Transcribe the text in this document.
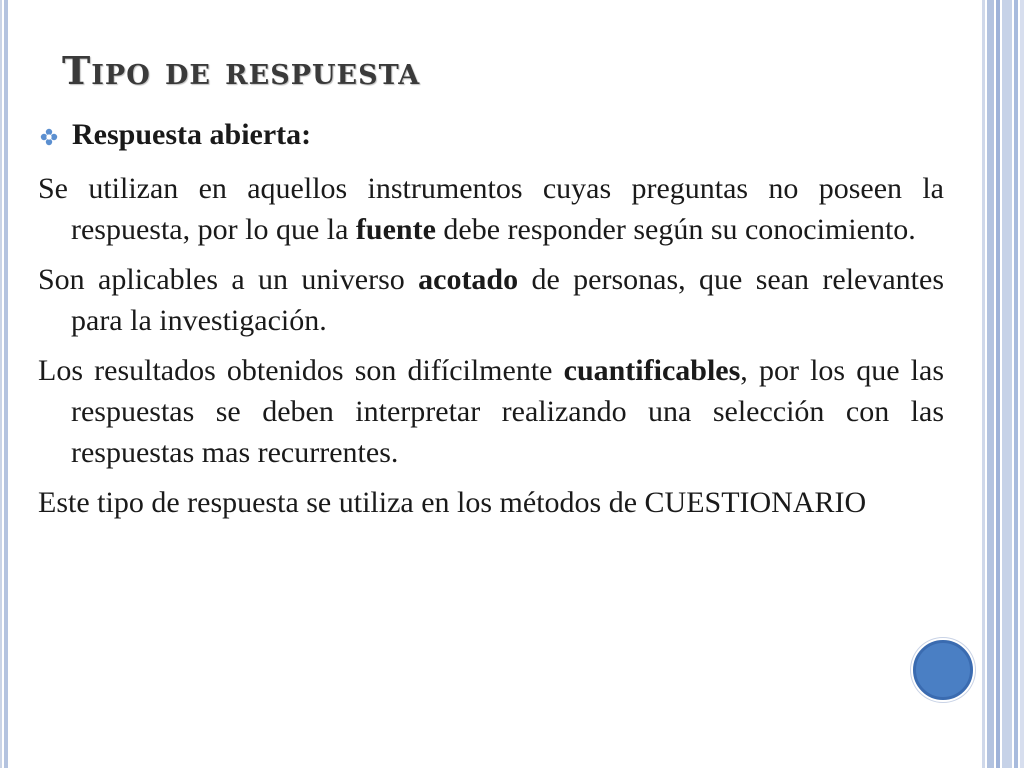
Tipo de respuesta
Respuesta abierta:

Se utilizan en aquellos instrumentos cuyas preguntas no poseen la respuesta, por lo que la fuente debe responder según su conocimiento.

Son aplicables a un universo acotado de personas, que sean relevantes para la investigación.

Los resultados obtenidos son difícilmente cuantificables, por los que las respuestas se deben interpretar realizando una selección con las respuestas mas recurrentes.

Este tipo de respuesta se utiliza en los métodos de CUESTIONARIO
